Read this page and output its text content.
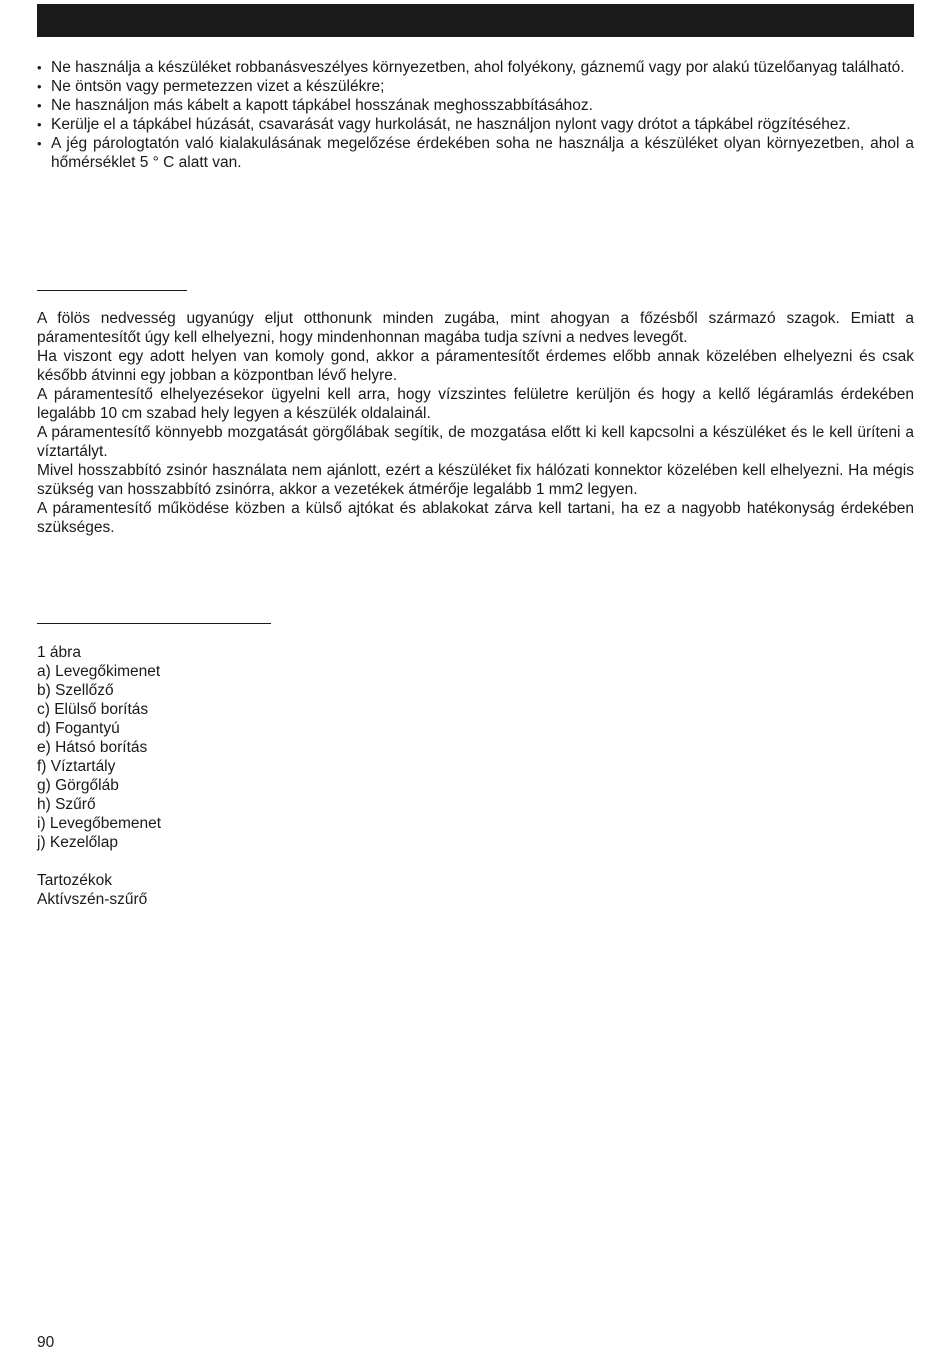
• Ne használja a készüléket robbanásveszélyes környezetben, ahol folyékony, gáznemű vagy por alakú tüzelőanyag található.
• Ne öntsön vagy permetezzen vizet a készülékre;
• Ne használjon más kábelt a kapott tápkábel hosszának meghosszabbításához.
• Kerülje el a tápkábel húzását, csavarását vagy hurkolását, ne használjon nylont vagy drótot a tápkábel rögzítéséhez.
• A jég párologtatón való kialakulásának megelőzése érdekében soha ne használja a készüléket olyan környezetben, ahol a hőmérséklet 5 ° C alatt van.

A fölös nedvesség ugyanúgy eljut otthonunk minden zugába, mint ahogyan a főzésből származó szagok. Emiatt a páramentesítőt úgy kell elhelyezni, hogy mindenhonnan magába tudja szívni a nedves levegőt.

Ha viszont egy adott helyen van komoly gond, akkor a páramentesítőt érdemes előbb annak közelében elhelyezni és csak később átvinni egy jobban a központban lévő helyre.

A páramentesítő elhelyezésekor ügyelni kell arra, hogy vízszintes felületre kerüljön és hogy a kellő légáramlás érdekében legalább 10 cm szabad hely legyen a készülék oldalainál.

A páramentesítő könnyebb mozgatását görgőlábak segítik, de mozgatása előtt ki kell kapcsolni a készüléket és le kell üríteni a víztartályt.

Mivel hosszabbító zsinór használata nem ajánlott, ezért a készüléket fix hálózati konnektor közelében kell elhelyezni. Ha mégis szükség van hosszabbító zsinórra, akkor a vezetékek átmérője legalább 1 mm2 legyen.

A páramentesítő működése közben a külső ajtókat és ablakokat zárva kell tartani, ha ez a nagyobb hatékonyság érdekében szükséges.

1 ábra
a) Levegőkimenet
b) Szellőző
c) Elülső borítás
d) Fogantyú
e) Hátsó borítás
f) Víztartály
g) Görgőláb
h) Szűrő
i) Levegőbemenet
j) Kezelőlap
Tartozékok
Aktívszén-szűrő
90
